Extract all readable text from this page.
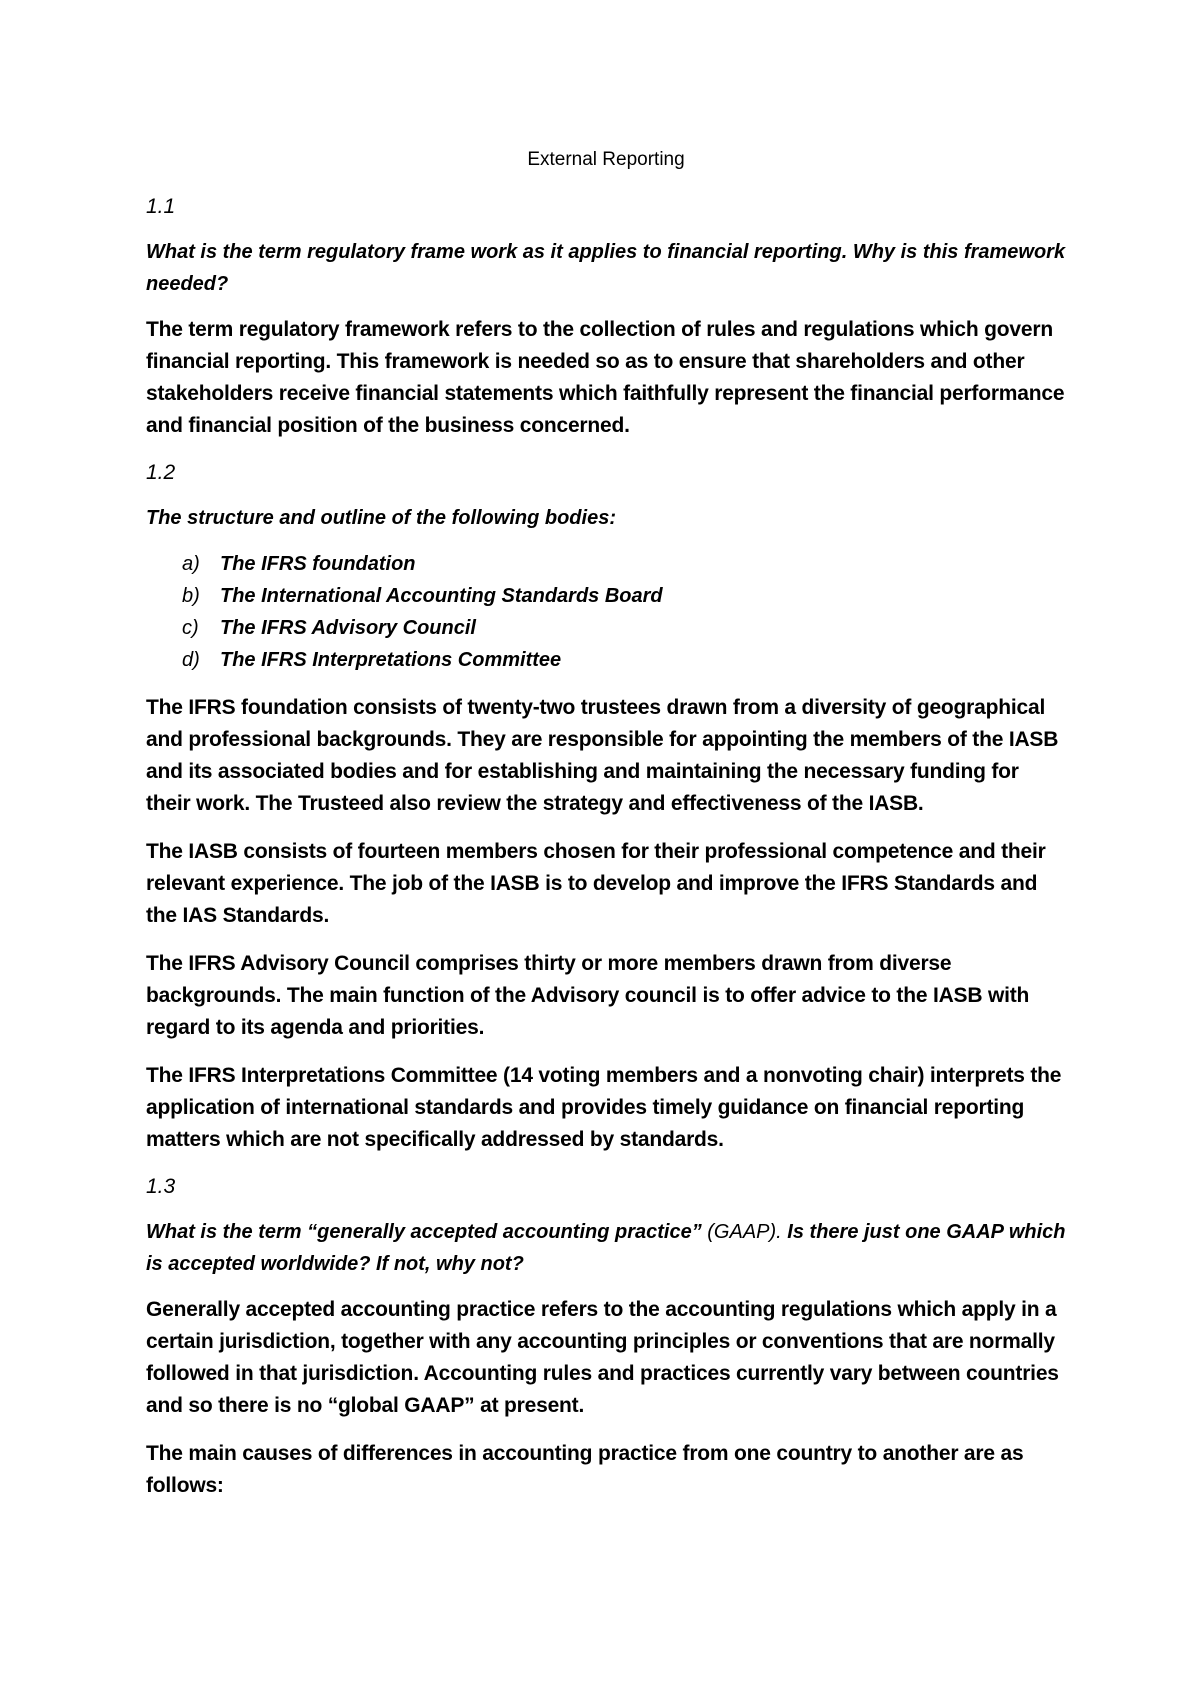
External Reporting
1.1
What is the term regulatory frame work as it applies to financial reporting. Why is this framework needed?
The term regulatory framework refers to the collection of rules and regulations which govern financial reporting. This framework is needed so as to ensure that shareholders and other stakeholders receive financial statements which faithfully represent the financial performance and financial position of the business concerned.
1.2
The structure and outline of the following bodies:
a)	The IFRS foundation
b)	The International Accounting Standards Board
c)	The IFRS Advisory Council
d)	The IFRS Interpretations Committee
The IFRS foundation consists of twenty-two trustees drawn from a diversity of geographical and professional backgrounds. They are responsible for appointing the members of the IASB and its associated bodies and for establishing and maintaining the necessary funding for their work. The Trusteed also review the strategy and effectiveness of the IASB.
The IASB consists of fourteen members chosen for their professional competence and their relevant experience. The job of the IASB is to develop and improve the IFRS Standards and the IAS Standards.
The IFRS Advisory Council comprises thirty or more members drawn from diverse backgrounds. The main function of the Advisory council is to offer advice to the IASB with regard to its agenda and priorities.
The IFRS Interpretations Committee (14 voting members and a nonvoting chair) interprets the application of international standards and provides timely guidance on financial reporting matters which are not specifically addressed by standards.
1.3
What is the term “generally accepted accounting practice” (GAAP). Is there just one GAAP which is accepted worldwide? If not, why not?
Generally accepted accounting practice refers to the accounting regulations which apply in a certain jurisdiction, together with any accounting principles or conventions that are normally followed in that jurisdiction. Accounting rules and practices currently vary between countries and so there is no “global GAAP” at present.
The main causes of differences in accounting practice from one country to another are as follows:
